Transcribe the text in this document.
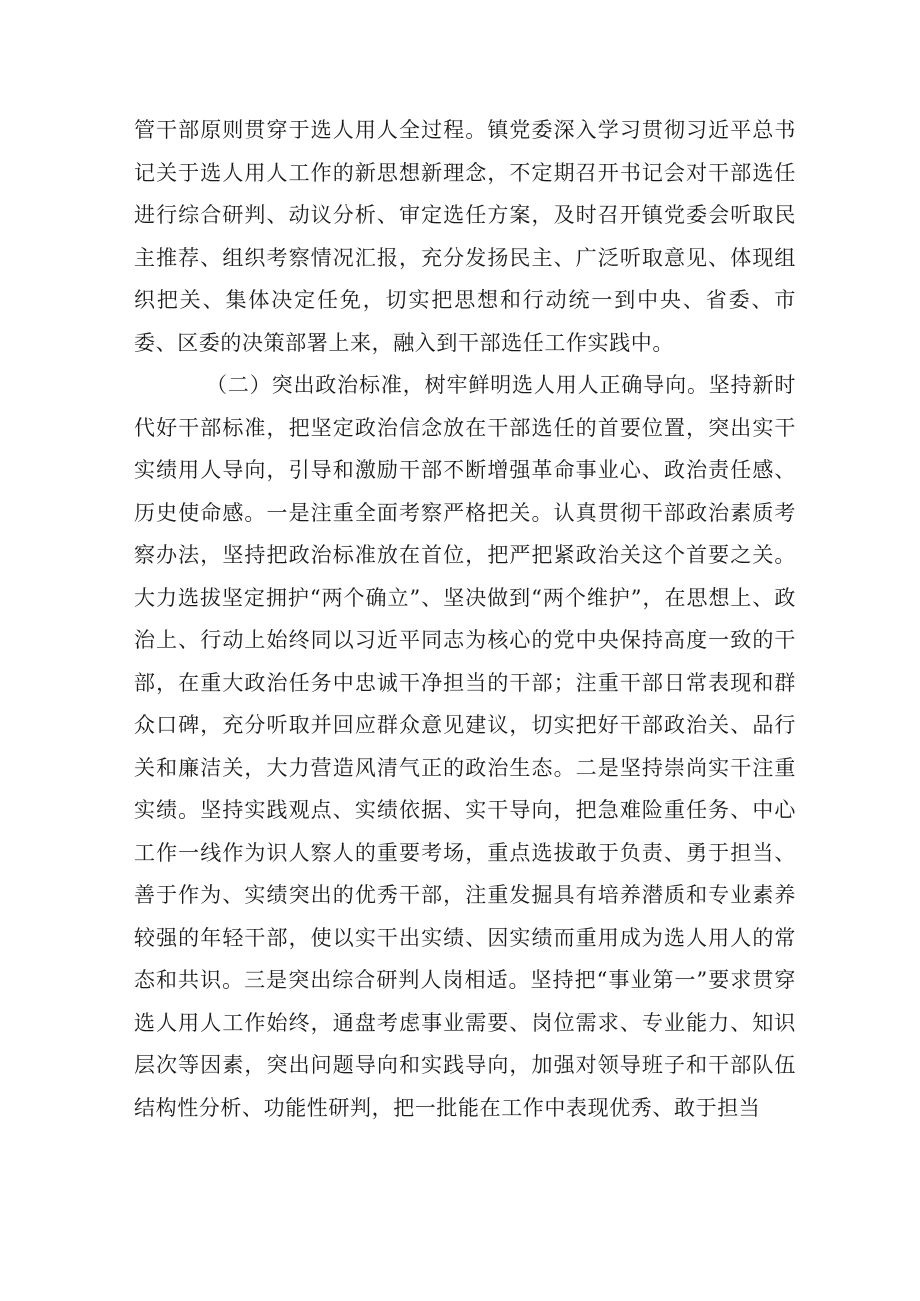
管干部原则贯穿于选人用人全过程。镇党委深入学习贯彻习近平总书记关于选人用人工作的新思想新理念，不定期召开书记会对干部选任进行综合研判、动议分析、审定选任方案，及时召开镇党委会听取民主推荐、组织考察情况汇报，充分发扬民主、广泛听取意见、体现组织把关、集体决定任免，切实把思想和行动统一到中央、省委、市委、区委的决策部署上来，融入到干部选任工作实践中。

（二）突出政治标准，树牢鲜明选人用人正确导向。坚持新时代好干部标准，把坚定政治信念放在干部选任的首要位置，突出实干实绩用人导向，引导和激励干部不断增强革命事业心、政治责任感、历史使命感。一是注重全面考察严格把关。认真贯彻干部政治素质考察办法，坚持把政治标准放在首位，把严把紧政治关这个首要之关。大力选拔坚定拥护“两个确立”、坚决做到“两个维护”，在思想上、政治上、行动上始终同以习近平同志为核心的党中央保持高度一致的干部，在重大政治任务中忠诚干净担当的干部；注重干部日常表现和群众口碑，充分听取并回应群众意见建议，切实把好干部政治关、品行关和廉洁关，大力营造风清气正的政治生态。二是坚持崇尚实干注重实绩。坚持实践观点、实绩依据、实干导向，把急难险重任务、中心工作一线作为识人察人的重要考场，重点选拔敢于负责、勇于担当、善于作为、实绩突出的优秀干部，注重发掘具有培养潜质和专业素养较强的年轻干部，使以实干出实绩、因实绩而重用成为选人用人的常态和共识。三是突出综合研判人岗相适。坚持把“事业第一”要求贯穿选人用人工作始终，通盘考虑事业需要、岗位需求、专业能力、知识层次等因素，突出问题导向和实践导向，加强对领导班子和干部队伍结构性分析、功能性研判，把一批能在工作中表现优秀、敢于担当
